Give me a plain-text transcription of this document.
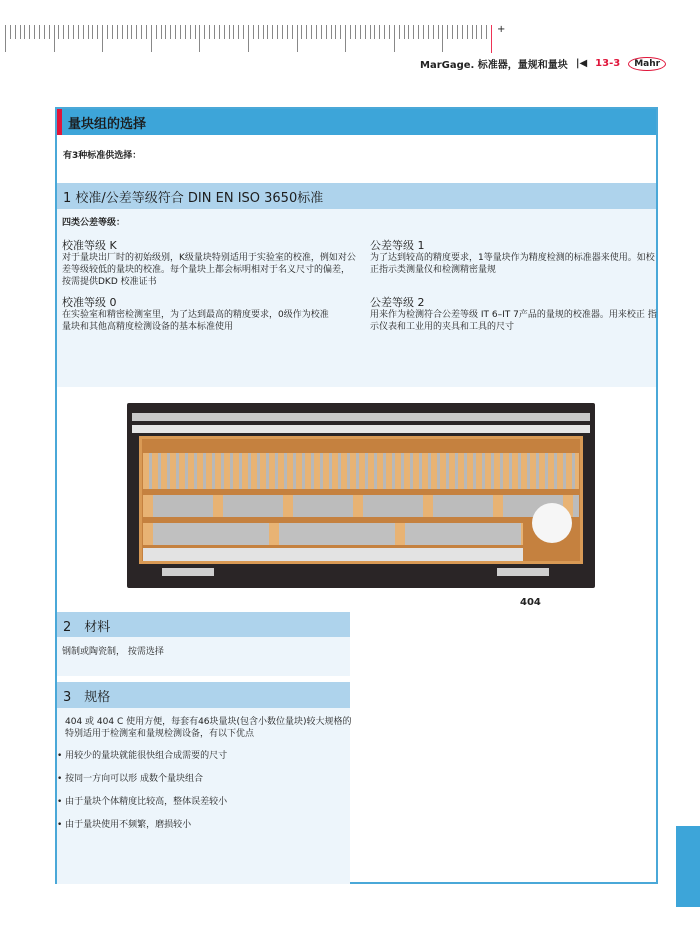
+
MarGage. 标准器，量规和量块 |◀ 13-3	Mahr
量块组的选择
有3种标准供选择：
1 校准/公差等级符合 DIN EN ISO 3650标准
四类公差等级：
校准等级 K
对于量块出厂时的初始级别，K级量块特别适用于实验室的校准，例如对公差等级较低的量块的校准。每个量块上都会标明相对于名义尺寸的偏差，按需提供DKD 校准证书
公差等级 1
为了达到较高的精度要求，1等量块作为精度检测的标准器来使用。如校正指示类测量仪和检测精密量规
校准等级 0
在实验室和精密检测室里，为了达到最高的精度要求，0级作为校准量块和其他高精度检测设备的基本标准使用
公差等级 2
用来作为检测符合公差等级 IT 6–IT 7产品的量规的校准器。用来校正 指示仪表和工业用的夹具和工具的尺寸
2　材料
钢制或陶瓷制， 按需选择
3　规格
404 或 404 C 使用方便，每套有46块量块(包含小数位量块)较大规格的特别适用于检测室和量规检测设备，有以下优点
• 用较少的量块就能很快组合成需要的尺寸
• 按同一方向可以形 成数个量块组合
• 由于量块个体精度比较高，整体误差较小
• 由于量块使用不频繁，磨损较小
404
